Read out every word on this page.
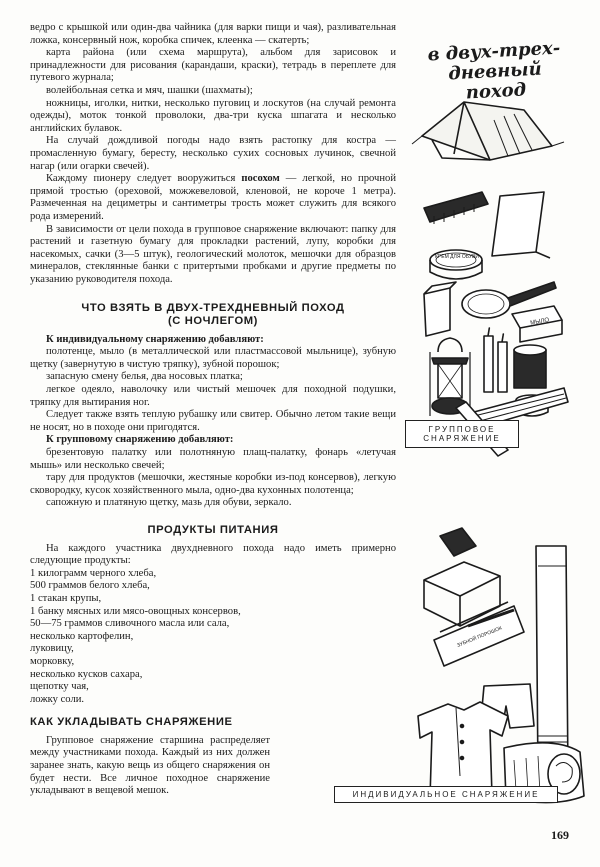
ведро с крышкой или один-два чайника (для варки пищи и чая), разливательная ложка, консервный нож, коробка спичек, клеенка — скатерть;

карта района (или схема маршрута), альбом для зарисовок и принадлежности для рисования (карандаши, краски), тетрадь в переплете для путевого журнала;

волейбольная сетка и мяч, шашки (шахматы);

ножницы, иголки, нитки, несколько пуговиц и лоскутов (на случай ремонта одежды), моток тонкой проволоки, два-три куска шпагата и несколько английских булавок.

На случай дождливой погоды надо взять растопку для костра — промасленную бумагу, бересту, несколько сухих сосновых лучинок, свечной нагар (или огарки свечей).

Каждому пионеру следует вооружиться посохом — легкой, но прочной прямой тростью (ореховой, можжевеловой, кленовой, не короче 1 метра). Размеченная на дециметры и сантиметры трость может служить для всякого рода измерений.

В зависимости от цели похода в групповое снаряжение включают: папку для растений и газетную бумагу для прокладки растений, лупу, коробки для насекомых, сачки (3—5 штук), геологический молоток, мешочки для образцов минералов, стеклянные банки с притертыми пробками и другие предметы по указанию руководителя похода.

ЧТО ВЗЯТЬ В ДВУХ-ТРЕХДНЕВНЫЙ ПОХОД

(С НОЧЛЕГОМ)

К индивидуальному снаряжению добавляют:

полотенце, мыло (в металлической или пластмассовой мыльнице), зубную щетку (завернутую в чистую тряпку), зубной порошок;

запасную смену белья, два носовых платка;

легкое одеяло, наволочку или чистый мешочек для походной подушки, тряпку для вытирания ног.

Следует также взять теплую рубашку или свитер. Обычно летом такие вещи не носят, но в походе они пригодятся.

К групповому снаряжению добавляют:

брезентовую палатку или полотняную плащ-палатку, фонарь «летучая мышь» или несколько свечей;

тару для продуктов (мешочки, жестяные коробки из-под консервов), легкую сковородку, кусок хозяйственного мыла, одно-два кухонных полотенца;

сапожную и платяную щетку, мазь для обуви, зеркало.

ПРОДУКТЫ ПИТАНИЯ

На каждого участника двухдневного похода надо иметь примерно следующие продукты:

1 килограмм черного хлеба,

500 граммов белого хлеба,

1 стакан крупы,

1 банку мясных или мясо-овощных консервов,

50—75 граммов сливочного масла или сала,

несколько картофелин,

луковицу,

морковку,

несколько кусков сахара,

щепотку чая,

ложку соли.

КАК УКЛАДЫВАТЬ СНАРЯЖЕНИЕ

Групповое снаряжение старшина распределяет между участниками похода. Каждый из них должен заранее знать, какую вещь из общего снаряжения он будет нести. Все личное походное снаряжение укладывают в вещевой мешок.

в двух-трех-
дневный поход
КРЕМ ДЛЯ ОБУВИ
МЫЛО
ЗУБНОЙ ПОРОШОК
ГРУППОВОЕ СНАРЯЖЕНИЕ
ИНДИВИДУАЛЬНОЕ СНАРЯЖЕНИЕ
169
